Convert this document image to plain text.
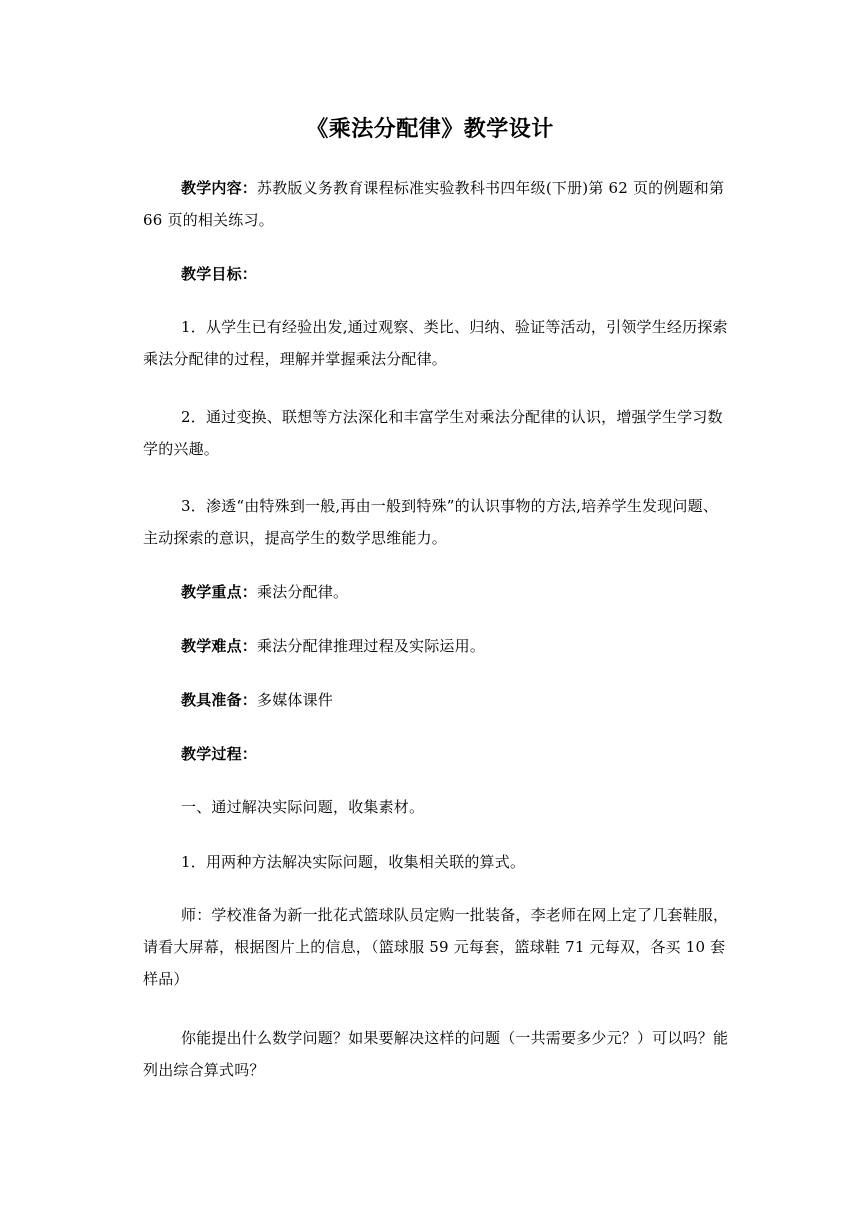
《乘法分配律》教学设计
教学内容：苏教版义务教育课程标准实验教科书四年级(下册)第 62 页的例题和第 66 页的相关练习。
教学目标：
1．从学生已有经验出发,通过观察、类比、归纳、验证等活动，引领学生经历探索乘法分配律的过程，理解并掌握乘法分配律。
2．通过变换、联想等方法深化和丰富学生对乘法分配律的认识，增强学生学习数学的兴趣。
3．渗透“由特殊到一般,再由一般到特殊”的认识事物的方法,培养学生发现问题、主动探索的意识，提高学生的数学思维能力。
教学重点：乘法分配律。
教学难点：乘法分配律推理过程及实际运用。
教具准备：多媒体课件
教学过程：
一、通过解决实际问题，收集素材。
1．用两种方法解决实际问题，收集相关联的算式。
师：学校准备为新一批花式篮球队员定购一批装备，李老师在网上定了几套鞋服，请看大屏幕，根据图片上的信息，（篮球服 59 元每套，篮球鞋 71 元每双，各买 10 套样品）
你能提出什么数学问题？如果要解决这样的问题（一共需要多少元？）可以吗？能列出综合算式吗？
